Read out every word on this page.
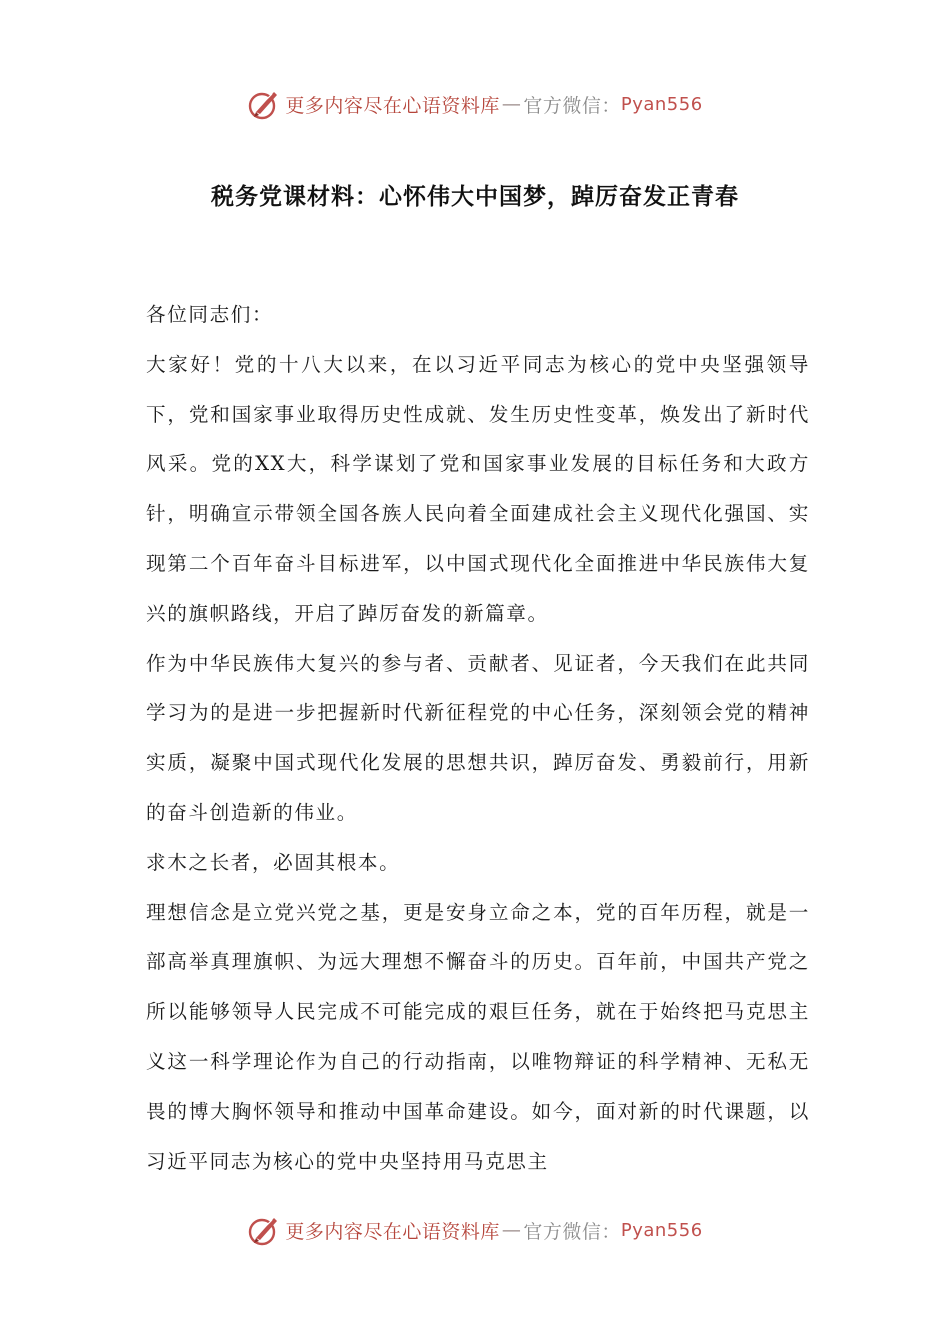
更多内容尽在心语资料库 — 官方微信： Pyan556
税务党课材料：心怀伟大中国梦，踔厉奋发正青春

各位同志们：

大家好！党的十八大以来，在以习近平同志为核心的党中央坚强领导下，党和国家事业取得历史性成就、发生历史性变革，焕发出了新时代风采。党的XX大，科学谋划了党和国家事业发展的目标任务和大政方针，明确宣示带领全国各族人民向着全面建成社会主义现代化强国、实现第二个百年奋斗目标进军，以中国式现代化全面推进中华民族伟大复兴的旗帜路线，开启了踔厉奋发的新篇章。

作为中华民族伟大复兴的参与者、贡献者、见证者，今天我们在此共同学习为的是进一步把握新时代新征程党的中心任务，深刻领会党的精神实质，凝聚中国式现代化发展的思想共识，踔厉奋发、勇毅前行，用新的奋斗创造新的伟业。

求木之长者，必固其根本。

理想信念是立党兴党之基，更是安身立命之本，党的百年历程，就是一部高举真理旗帜、为远大理想不懈奋斗的历史。百年前，中国共产党之所以能够领导人民完成不可能完成的艰巨任务，就在于始终把马克思主义这一科学理论作为自己的行动指南，以唯物辩证的科学精神、无私无畏的博大胸怀领导和推动中国革命建设。如今，面对新的时代课题，以习近平同志为核心的党中央坚持用马克思主

更多内容尽在心语资料库 — 官方微信： Pyan556
